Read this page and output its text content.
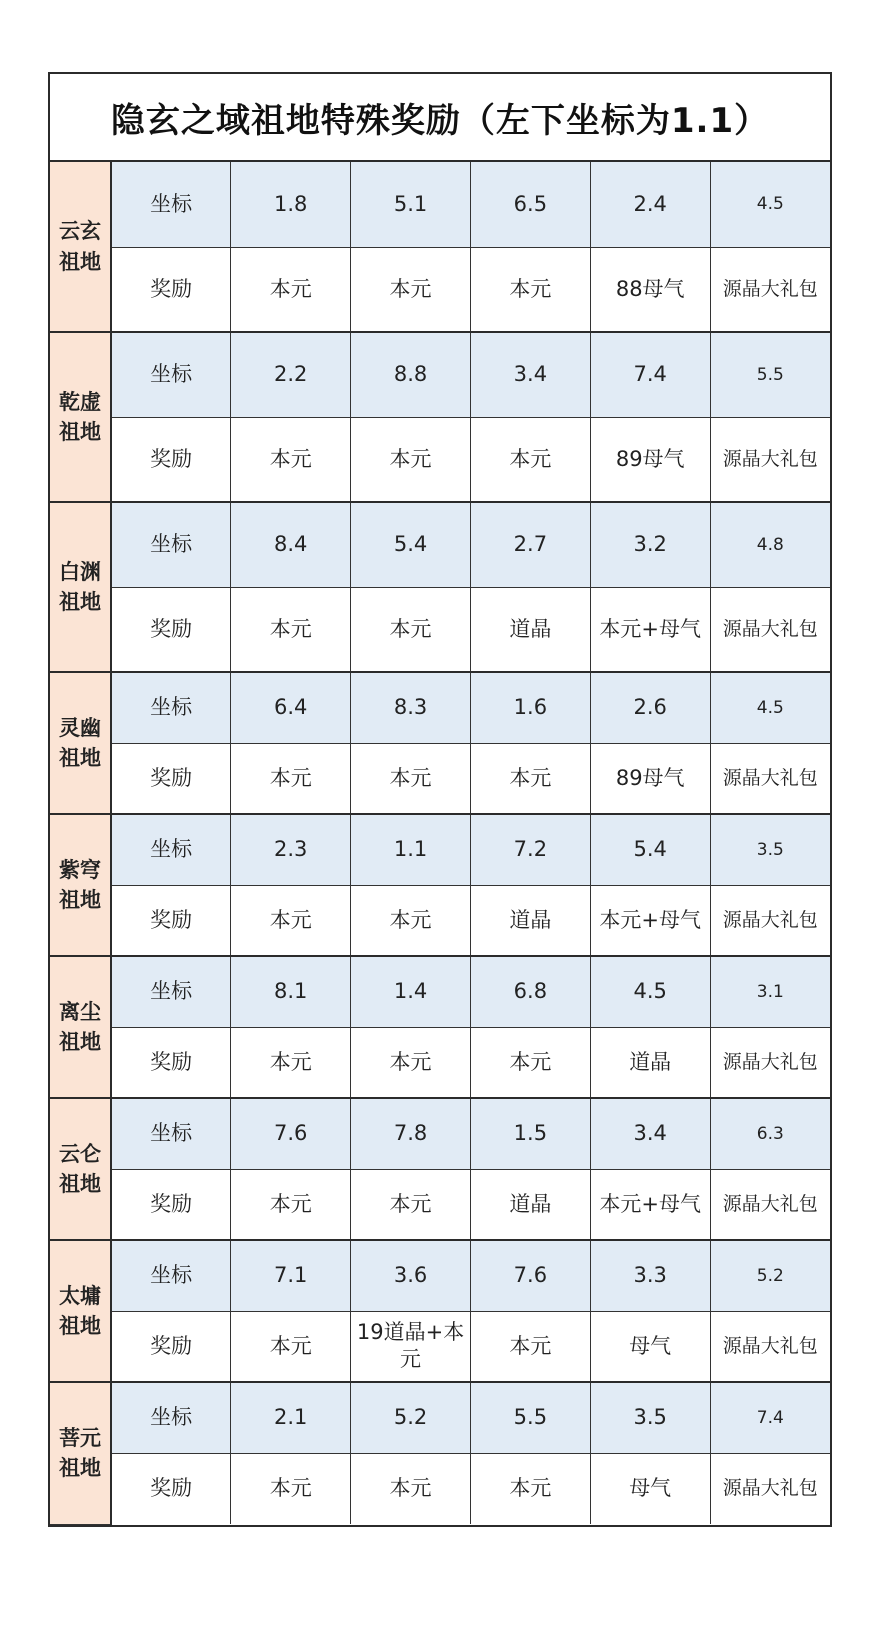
隐玄之域祖地特殊奖励（左下坐标为1.1）
云玄
祖地	坐标	1.8	5.1	6.5	2.4	4.5
	奖励	本元	本元	本元	88母气	源晶大礼包

乾虚
祖地	坐标	2.2	8.8	3.4	7.4	5.5
	奖励	本元	本元	本元	89母气	源晶大礼包

白渊
祖地	坐标	8.4	5.4	2.7	3.2	4.8
	奖励	本元	本元	道晶	本元+母气	源晶大礼包

灵幽
祖地	坐标	6.4	8.3	1.6	2.6	4.5
	奖励	本元	本元	本元	89母气	源晶大礼包

紫穹
祖地	坐标	2.3	1.1	7.2	5.4	3.5
	奖励	本元	本元	道晶	本元+母气	源晶大礼包

离尘
祖地	坐标	8.1	1.4	6.8	4.5	3.1
	奖励	本元	本元	本元	道晶	源晶大礼包

云仑
祖地	坐标	7.6	7.8	1.5	3.4	6.3
	奖励	本元	本元	道晶	本元+母气	源晶大礼包

太墉
祖地	坐标	7.1	3.6	7.6	3.3	5.2
	奖励	本元	19道晶+本元	本元	母气	源晶大礼包

菩元
祖地	坐标	2.1	5.2	5.5	3.5	7.4
	奖励	本元	本元	本元	母气	源晶大礼包
